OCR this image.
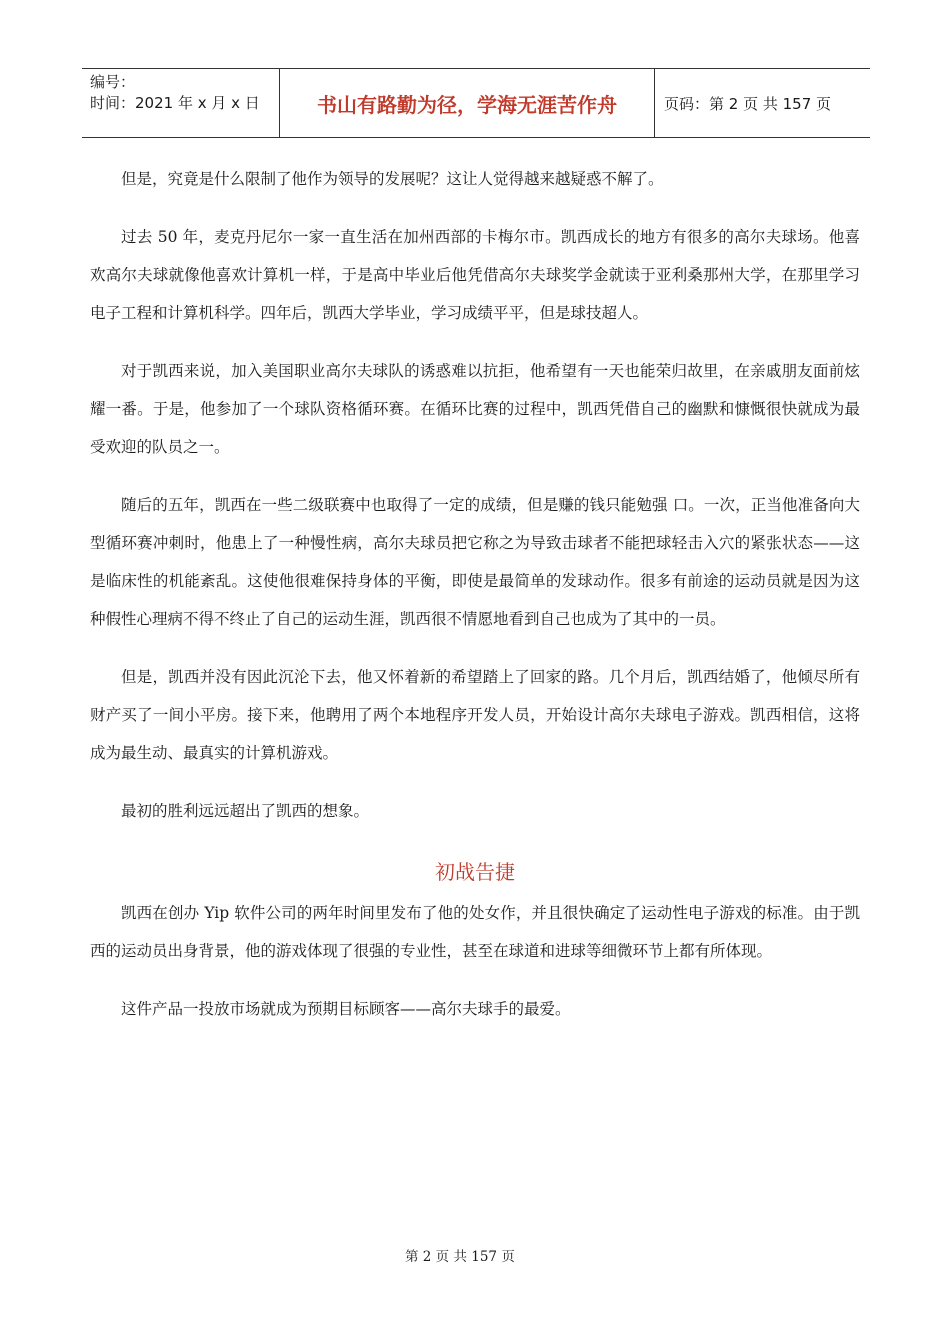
编号：
时间：2021 年 x 月 x 日	书山有路勤为径，学海无涯苦作舟	页码：第 2 页 共 157 页

但是，究竟是什么限制了他作为领导的发展呢？这让人觉得越来越疑惑不解了。

过去 50 年，麦克丹尼尔一家一直生活在加州西部的卡梅尔市。凯西成长的地方有很多的高尔夫球场。他喜欢高尔夫球就像他喜欢计算机一样，于是高中毕业后他凭借高尔夫球奖学金就读于亚利桑那州大学，在那里学习电子工程和计算机科学。四年后，凯西大学毕业，学习成绩平平，但是球技超人。

对于凯西来说，加入美国职业高尔夫球队的诱惑难以抗拒，他希望有一天也能荣归故里，在亲戚朋友面前炫耀一番。于是，他参加了一个球队资格循环赛。在循环比赛的过程中，凯西凭借自己的幽默和慷慨很快就成为最受欢迎的队员之一。

随后的五年，凯西在一些二级联赛中也取得了一定的成绩，但是赚的钱只能勉强 口。一次，正当他准备向大型循环赛冲刺时，他患上了一种慢性病，高尔夫球员把它称之为导致击球者不能把球轻击入穴的紧张状态——这是临床性的机能紊乱。这使他很难保持身体的平衡，即使是最简单的发球动作。很多有前途的运动员就是因为这种假性心理病不得不终止了自己的运动生涯，凯西很不情愿地看到自己也成为了其中的一员。

但是，凯西并没有因此沉沦下去，他又怀着新的希望踏上了回家的路。几个月后，凯西结婚了，他倾尽所有财产买了一间小平房。接下来，他聘用了两个本地程序开发人员，开始设计高尔夫球电子游戏。凯西相信，这将成为最生动、最真实的计算机游戏。

最初的胜利远远超出了凯西的想象。

初战告捷

凯西在创办 Yip 软件公司的两年时间里发布了他的处女作，并且很快确定了运动性电子游戏的标准。由于凯西的运动员出身背景，他的游戏体现了很强的专业性，甚至在球道和进球等细微环节上都有所体现。

这件产品一投放市场就成为预期目标顾客——高尔夫球手的最爱。

第 2 页 共 157 页
